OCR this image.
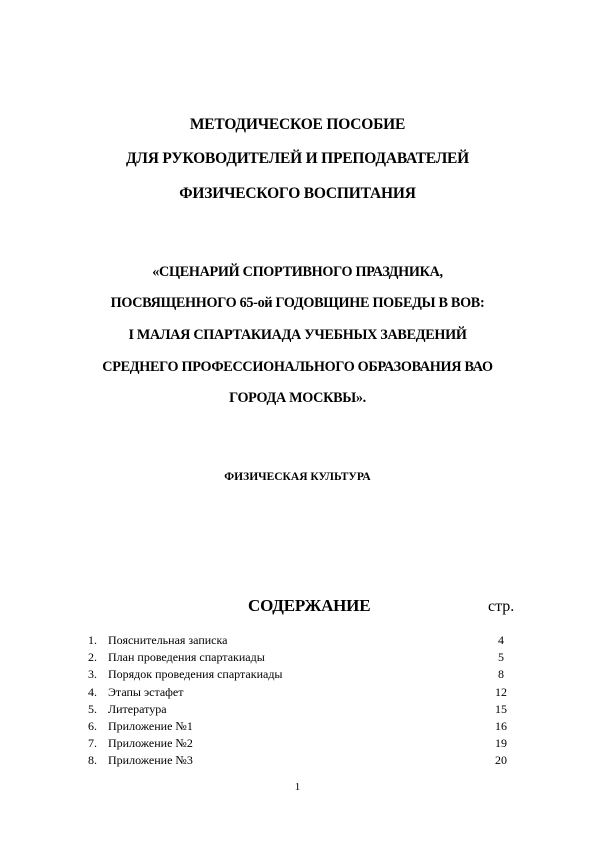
МЕТОДИЧЕСКОЕ ПОСОБИЕ
ДЛЯ РУКОВОДИТЕЛЕЙ И ПРЕПОДАВАТЕЛЕЙ
ФИЗИЧЕСКОГО ВОСПИТАНИЯ
«СЦЕНАРИЙ СПОРТИВНОГО ПРАЗДНИКА,
ПОСВЯЩЕННОГО 65-ой ГОДОВЩИНЕ ПОБЕДЫ В ВОВ:
I МАЛАЯ СПАРТАКИАДА УЧЕБНЫХ ЗАВЕДЕНИЙ
СРЕДНЕГО ПРОФЕССИОНАЛЬНОГО ОБРАЗОВАНИЯ ВАО
ГОРОДА МОСКВЫ».
ФИЗИЧЕСКАЯ КУЛЬТУРА
СОДЕРЖАНИЕ	стр.
1. Пояснительная записка	4
2. План проведения спартакиады	5
3. Порядок проведения спартакиады	8
4. Этапы эстафет	12
5. Литература	15
6. Приложение №1	16
7. Приложение №2	19
8. Приложение №3	20
1
